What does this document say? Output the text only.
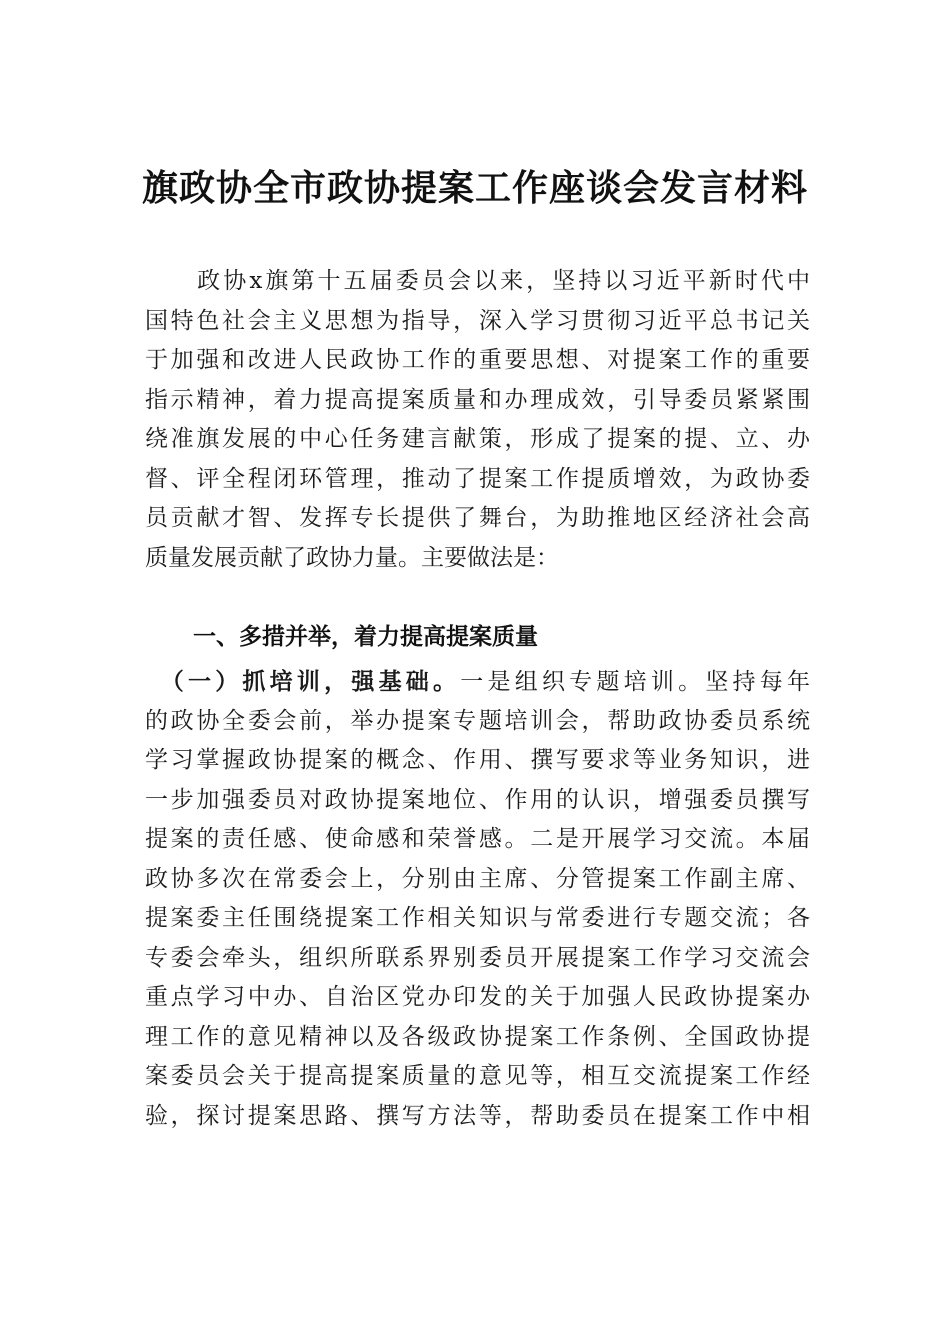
旗政协全市政协提案工作座谈会发言材料
　　政协x旗第十五届委员会以来，坚持以习近平新时代中
国特色社会主义思想为指导，深入学习贯彻习近平总书记关
于加强和改进人民政协工作的重要思想、对提案工作的重要
指示精神，着力提高提案质量和办理成效，引导委员紧紧围
绕准旗发展的中心任务建言献策，形成了提案的提、立、办
督、评全程闭环管理，推动了提案工作提质增效，为政协委
员贡献才智、发挥专长提供了舞台，为助推地区经济社会高
质量发展贡献了政协力量。主要做法是：
一、多措并举，着力提高提案质量
　（一）抓培训，强基础。一是组织专题培训。坚持每年
的政协全委会前，举办提案专题培训会，帮助政协委员系统
学习掌握政协提案的概念、作用、撰写要求等业务知识，进
一步加强委员对政协提案地位、作用的认识，增强委员撰写
提案的责任感、使命感和荣誉感。二是开展学习交流。本届
政协多次在常委会上，分别由主席、分管提案工作副主席、
提案委主任围绕提案工作相关知识与常委进行专题交流；各
专委会牵头，组织所联系界别委员开展提案工作学习交流会
重点学习中办、自治区党办印发的关于加强人民政协提案办
理工作的意见精神以及各级政协提案工作条例、全国政协提
案委员会关于提高提案质量的意见等，相互交流提案工作经
验，探讨提案思路、撰写方法等，帮助委员在提案工作中相
